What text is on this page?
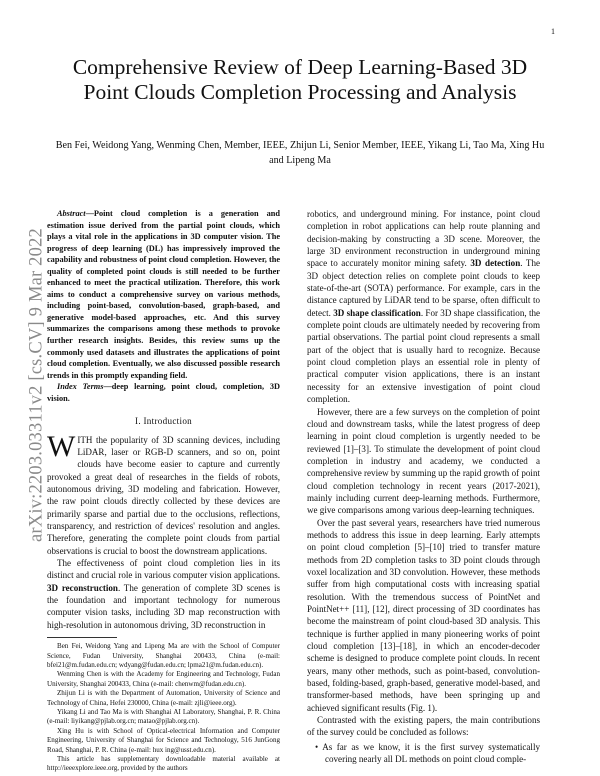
1
arXiv:2203.03311v2 [cs.CV] 9 Mar 2022
Comprehensive Review of Deep Learning-Based 3D Point Clouds Completion Processing and Analysis
Ben Fei, Weidong Yang, Wenming Chen, Member, IEEE, Zhijun Li, Senior Member, IEEE, Yikang Li, Tao Ma, Xing Hu and Lipeng Ma

Abstract—Point cloud completion is a generation and estimation issue derived from the partial point clouds, which plays a vital role in the applications in 3D computer vision. The progress of deep learning (DL) has impressively improved the capability and robustness of point cloud completion. However, the quality of completed point clouds is still needed to be further enhanced to meet the practical utilization. Therefore, this work aims to conduct a comprehensive survey on various methods, including point-based, convolution-based, graph-based, and generative model-based approaches, etc. And this survey summarizes the comparisons among these methods to provoke further research insights. Besides, this review sums up the commonly used datasets and illustrates the applications of point cloud completion. Eventually, we also discussed possible research trends in this promptly expanding field.

Index Terms—deep learning, point cloud, completion, 3D vision.

I. Introduction

WITH the popularity of 3D scanning devices, including LiDAR, laser or RGB-D scanners, and so on, point clouds have become easier to capture and currently provoked a great deal of researches in the fields of robots, autonomous driving, 3D modeling and fabrication. However, the raw point clouds directly collected by these devices are primarily sparse and partial due to the occlusions, reflections, transparency, and restriction of devices' resolution and angles. Therefore, generating the complete point clouds from partial observations is crucial to boost the downstream applications.

The effectiveness of point cloud completion lies in its distinct and crucial role in various computer vision applications. 3D reconstruction. The generation of complete 3D scenes is the foundation and important technology for numerous computer vision tasks, including 3D map reconstruction with high-resolution in autonomous driving, 3D reconstruction in

Ben Fei, Weidong Yang and Lipeng Ma are with the School of Computer Science, Fudan University, Shanghai 200433, China (e-mail: bfei21@m.fudan.edu.cn; wdyang@fudan.edu.cn; lpma21@m.fudan.edu.cn).

Wenming Chen is with the Academy for Engineering and Technology, Fudan University, Shanghai 200433, China (e-mail: chenwm@fudan.edu.cn).

Zhijun Li is with the Department of Automation, University of Science and Technology of China, Hefei 230000, China (e-mail: zjli@ieee.org).

Yikang Li and Tao Ma is with Shanghai AI Laboratory, Shanghai, P. R. China (e-mail: liyikang@pjlab.org.cn; matao@pjlab.org.cn).

Xing Hu is with School of Optical-electrical Information and Computer Engineering, University of Shanghai for Science and Technology, 516 JunGong Road, Shanghai, P. R. China (e-mail: hux ing@usst.edu.cn).

This article has supplementary downloadable material available at http://ieeexplore.ieee.org, provided by the authors

robotics, and underground mining. For instance, point cloud completion in robot applications can help route planning and decision-making by constructing a 3D scene. Moreover, the large 3D environment reconstruction in underground mining space to accurately monitor mining safety. 3D detection. The 3D object detection relies on complete point clouds to keep state-of-the-art (SOTA) performance. For example, cars in the distance captured by LiDAR tend to be sparse, often difficult to detect. 3D shape classification. For 3D shape classification, the complete point clouds are ultimately needed by recovering from partial observations. The partial point cloud represents a small part of the object that is usually hard to recognize. Because point cloud completion plays an essential role in plenty of practical computer vision applications, there is an instant necessity for an extensive investigation of point cloud completion.

However, there are a few surveys on the completion of point cloud and downstream tasks, while the latest progress of deep learning in point cloud completion is urgently needed to be reviewed [1]–[3]. To stimulate the development of point cloud completion in industry and academy, we conducted a comprehensive review by summing up the rapid growth of point cloud completion technology in recent years (2017-2021), mainly including current deep-learning methods. Furthermore, we give comparisons among various deep-learning techniques.

Over the past several years, researchers have tried numerous methods to address this issue in deep learning. Early attempts on point cloud completion [5]–[10] tried to transfer mature methods from 2D completion tasks to 3D point clouds through voxel localization and 3D convolution. However, these methods suffer from high computational costs with increasing spatial resolution. With the tremendous success of PointNet and PointNet++ [11], [12], direct processing of 3D coordinates has become the mainstream of point cloud-based 3D analysis. This technique is further applied in many pioneering works of point cloud completion [13]–[18], in which an encoder-decoder scheme is designed to produce complete point clouds. In recent years, many other methods, such as point-based, convolution-based, folding-based, graph-based, generative model-based, and transformer-based methods, have been springing up and achieved significant results (Fig. 1).

Contrasted with the existing papers, the main contributions of the survey could be concluded as follows:

• As far as we know, it is the first survey systematically covering nearly all DL methods on point cloud comple-
